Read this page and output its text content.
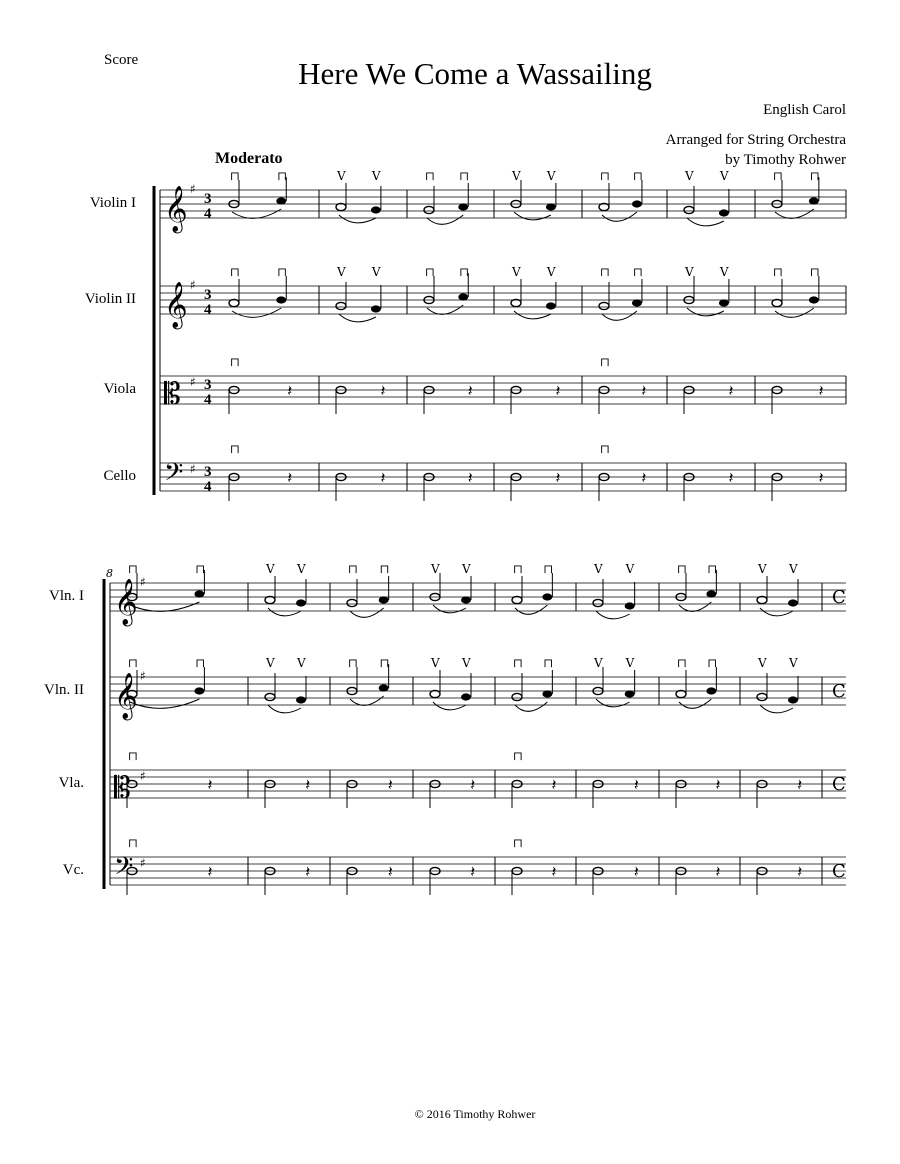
Score	Here We Come a Wassailing
English Carol
Arranged for String Orchestra
by Timothy Rohwer
Moderato
Violin I 𝄞 ♯
3
4
Violin II 𝄞 ♯
3
4
Viola 𝄡 ♯ 3
4
Cello 𝄢 ♯ 3
4
⊓	⊓	V V	⊓ ⊓	V V	⊓ ⊓	V V	⊓ ⊓
⊓	⊓	V V	⊓ ⊓	V V	⊓ ⊓	V V	⊓ ⊓
𝄽
⊓
𝄽	𝄽	𝄽	𝄽
⊓
𝄽	𝄽
𝄽
⊓
𝄽	𝄽	𝄽	𝄽
⊓
𝄽	𝄽
Vln. I 𝄞 ♯
C
Vln. II 𝄞 ♯
C
Vla. 𝄡 ♯	C
Vc. 𝄢 ♯	C
8 ⊓	⊓	V V	⊓ ⊓	V V	⊓ ⊓	V V	⊓ ⊓	V V
⊓	⊓	V V	⊓ ⊓	V V	⊓ ⊓	V V	⊓ ⊓	V V
𝄽
⊓
𝄽	𝄽	𝄽	𝄽
⊓
𝄽	𝄽	𝄽
𝄽
⊓
𝄽	𝄽	𝄽	𝄽
⊓
𝄽	𝄽	𝄽
© 2016 Timothy Rohwer
